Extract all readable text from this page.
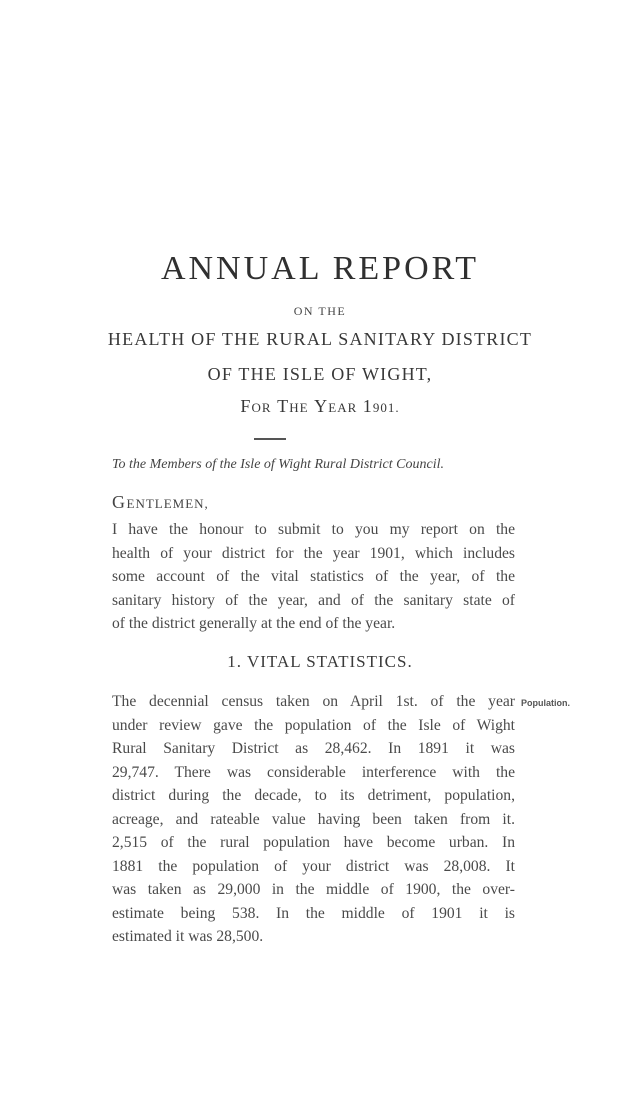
ANNUAL REPORT
ON THE
HEALTH OF THE RURAL SANITARY DISTRICT
OF THE ISLE OF WIGHT,
FOR THE YEAR 1901.
To the Members of the Isle of Wight Rural District Council.
GENTLEMEN,
I have the honour to submit to you my report on the
health of your district for the year 1901, which includes
some account of the vital statistics of the year, of the
sanitary history of the year, and of the sanitary state of
of the district generally at the end of the year.
1. VITAL STATISTICS.
Population.
The decennial census taken on April 1st. of the year
under review gave the population of the Isle of Wight
Rural Sanitary District as 28,462. In 1891 it was
29,747. There was considerable interference with the
district during the decade, to its detriment, population,
acreage, and rateable value having been taken from it.
2,515 of the rural population have become urban. In
1881 the population of your district was 28,008. It
was taken as 29,000 in the middle of 1900, the over-
estimate being 538. In the middle of 1901 it is
estimated it was 28,500.
